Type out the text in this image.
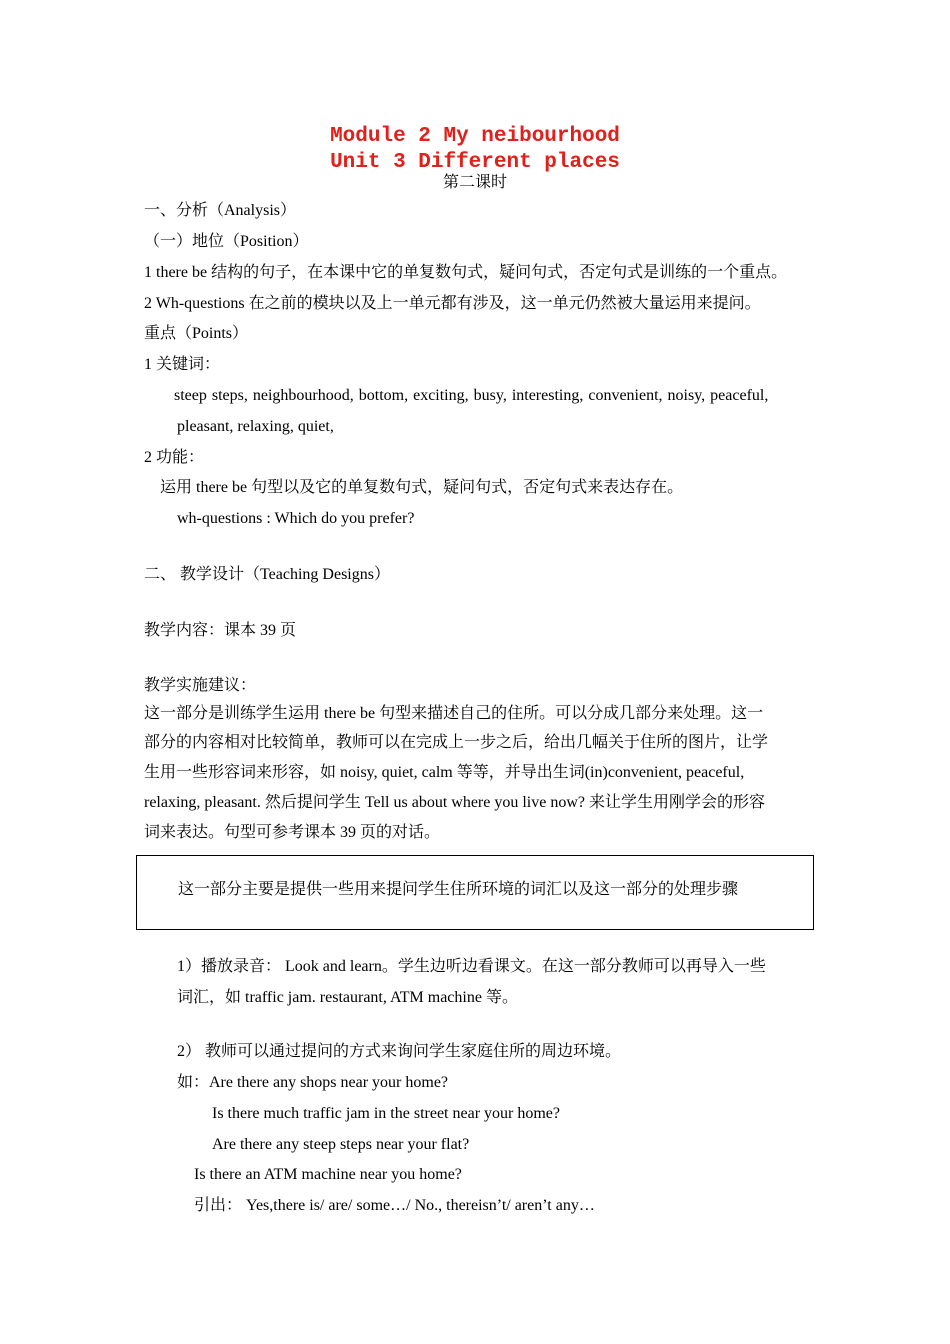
Module 2 My neibourhood
Unit 3 Different places
第二课时
一、分析（Analysis）
（一）地位（Position）
1 there be 结构的句子，在本课中它的单复数句式，疑问句式，否定句式是训练的一个重点。
2 Wh-questions 在之前的模块以及上一单元都有涉及，这一单元仍然被大量运用来提问。
重点（Points）
1 关键词：
steep steps, neighbourhood, bottom, exciting, busy, interesting, convenient, noisy, peaceful,
pleasant, relaxing, quiet,
2 功能：
运用 there be 句型以及它的单复数句式，疑问句式，否定句式来表达存在。
wh-questions : Which do you prefer?
二、 教学设计（Teaching Designs）
教学内容：课本 39 页
教学实施建议：
这一部分是训练学生运用 there be 句型来描述自己的住所。可以分成几部分来处理。这一
部分的内容相对比较简单，教师可以在完成上一步之后，给出几幅关于住所的图片，让学
生用一些形容词来形容，如 noisy, quiet, calm 等等，并导出生词(in)convenient, peaceful,
relaxing, pleasant. 然后提问学生 Tell us about where you live now? 来让学生用刚学会的形容
词来表达。句型可参考课本 39 页的对话。
这一部分主要是提供一些用来提问学生住所环境的词汇以及这一部分的处理步骤
1）播放录音： Look and learn。学生边听边看课文。在这一部分教师可以再导入一些
词汇，如 traffic jam. restaurant, ATM machine 等。
2） 教师可以通过提问的方式来询问学生家庭住所的周边环境。
如：Are there any shops near your home?
Is there much traffic jam in the street near your home?
Are there any steep steps near your flat?
Is there an ATM machine near you home?
引出： Yes,there is/ are/ some…/ No., thereisn’t/ aren’t any…
